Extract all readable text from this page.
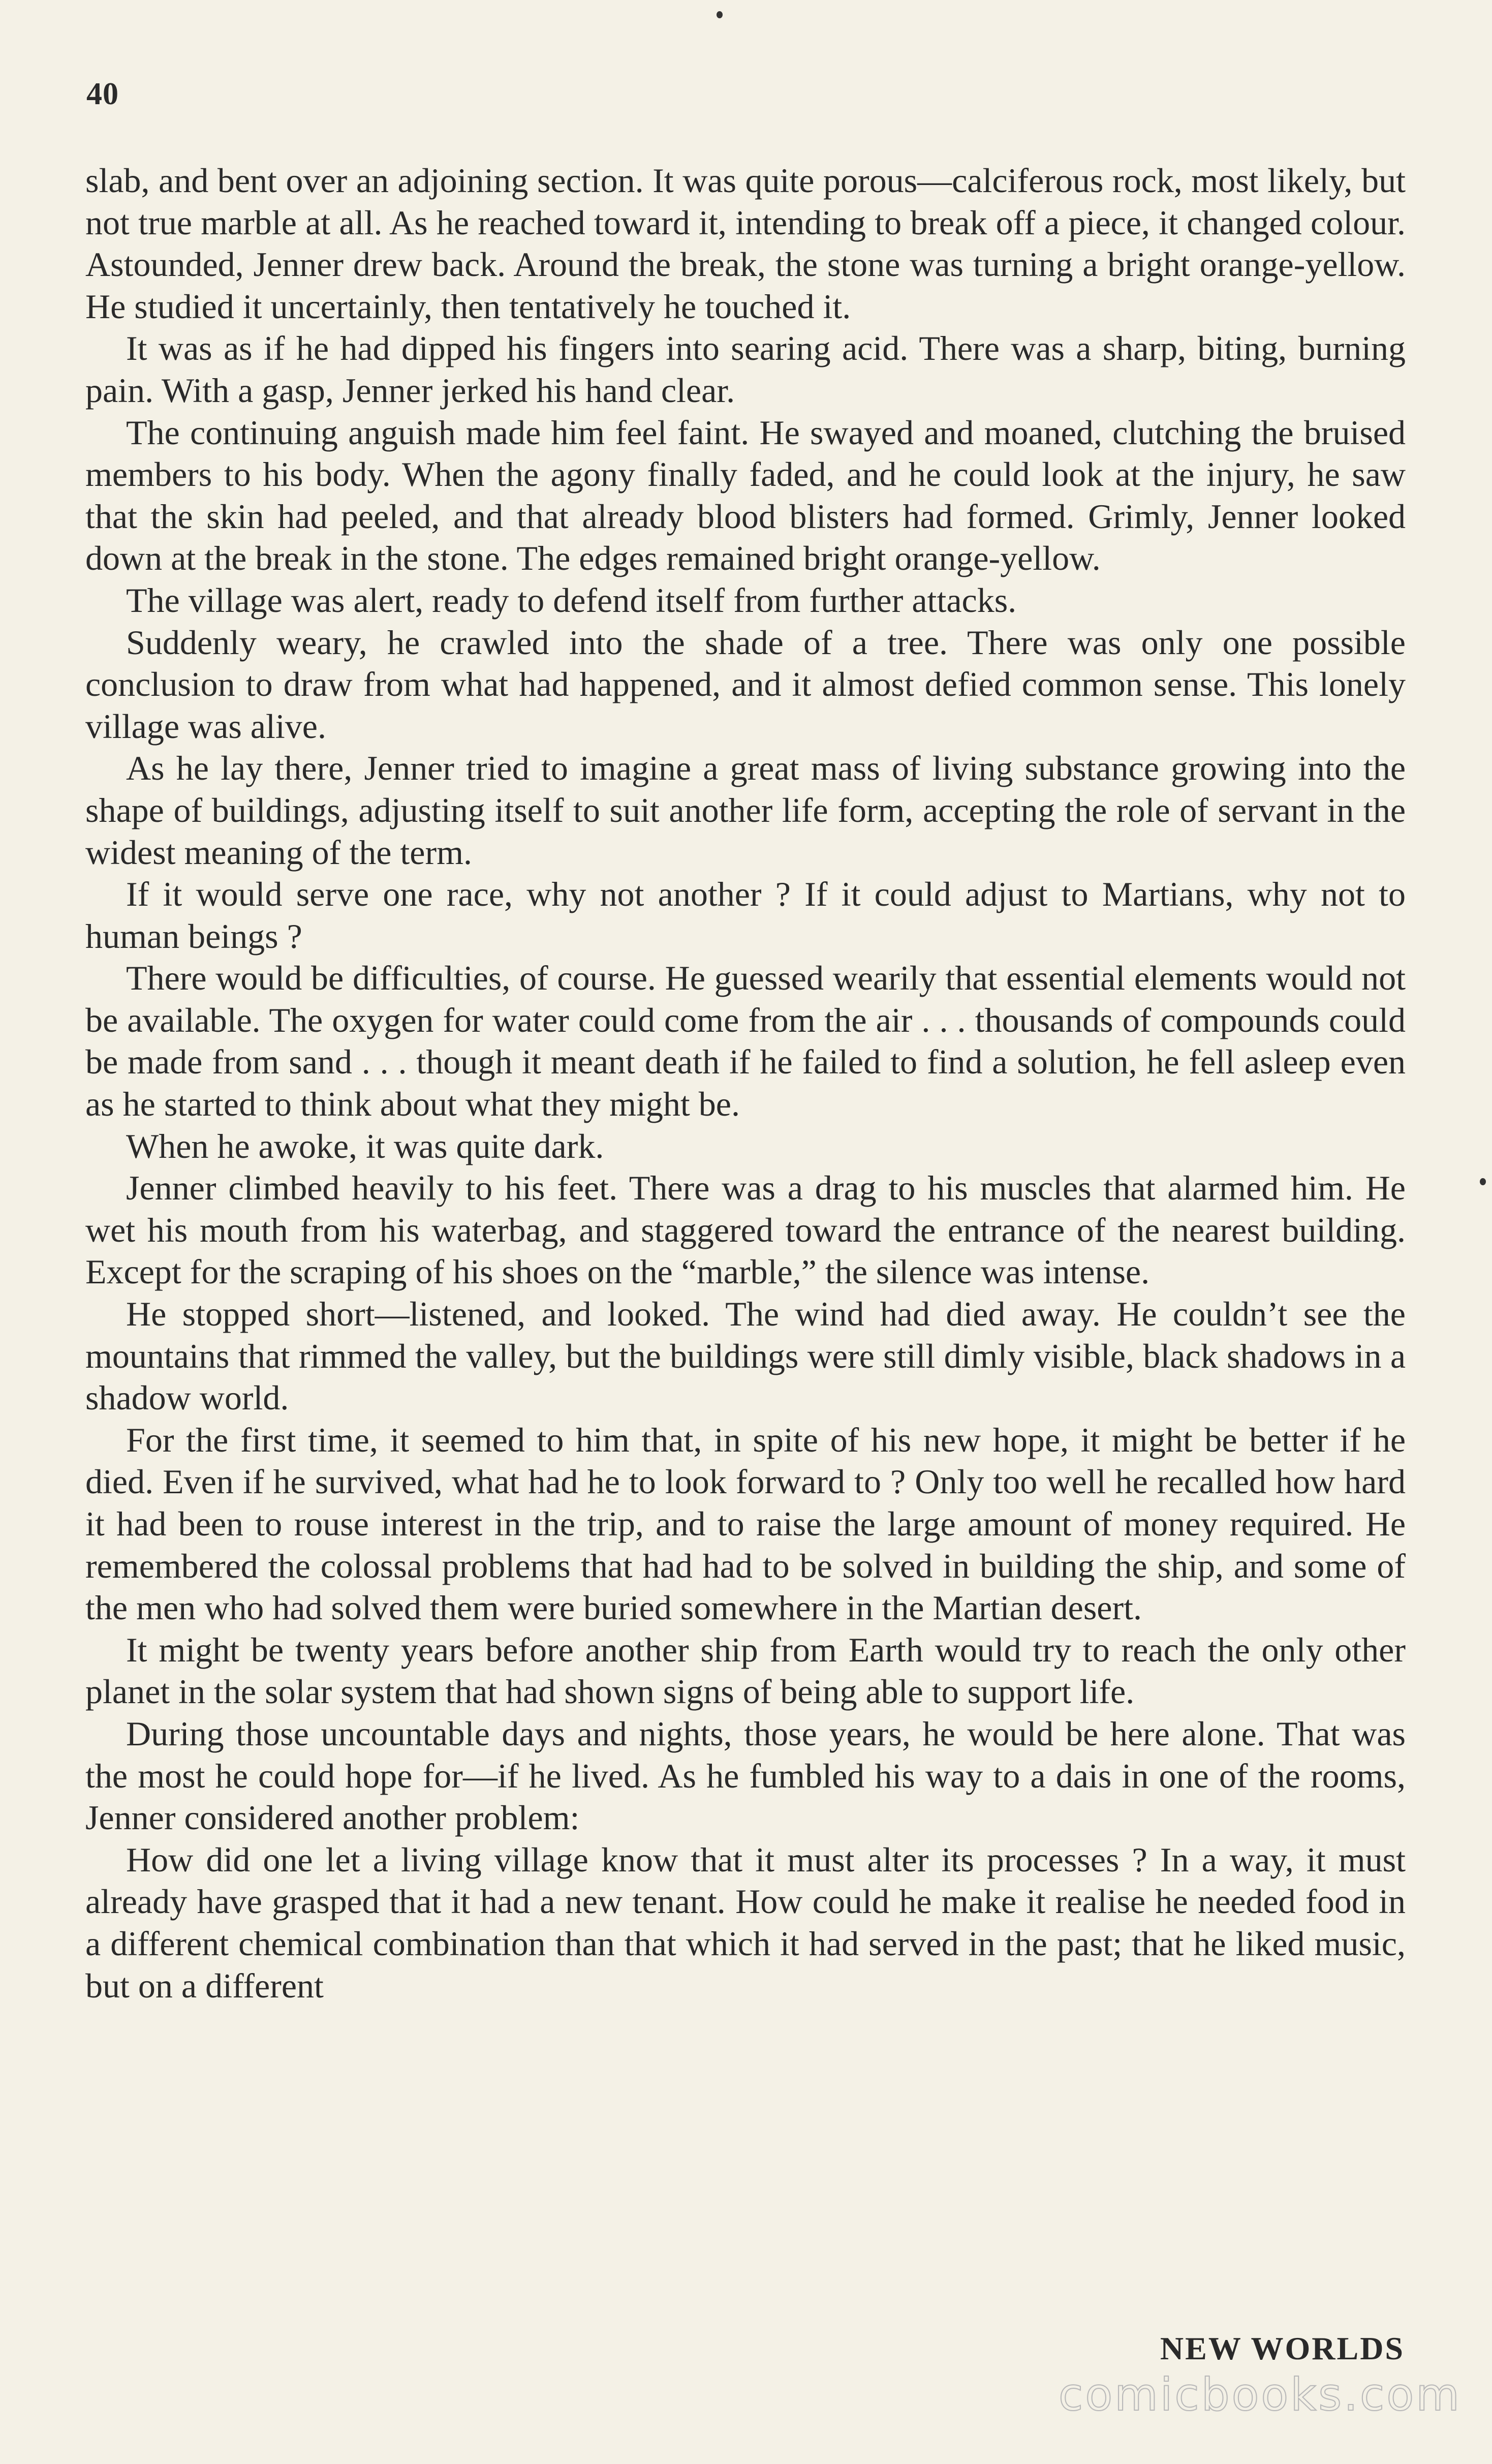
40

slab, and bent over an adjoining section. It was quite porous—calciferous rock, most likely, but not true marble at all. As he reached toward it, intending to break off a piece, it changed colour. Astounded, Jenner drew back. Around the break, the stone was turning a bright orange-yellow. He studied it uncertainly, then tentatively he touched it.

It was as if he had dipped his fingers into searing acid. There was a sharp, biting, burning pain. With a gasp, Jenner jerked his hand clear.

The continuing anguish made him feel faint. He swayed and moaned, clutching the bruised members to his body. When the agony finally faded, and he could look at the injury, he saw that the skin had peeled, and that already blood blisters had formed. Grimly, Jenner looked down at the break in the stone. The edges remained bright orange-yellow.

The village was alert, ready to defend itself from further attacks.

Suddenly weary, he crawled into the shade of a tree. There was only one possible conclusion to draw from what had happened, and it almost defied common sense. This lonely village was alive.

As he lay there, Jenner tried to imagine a great mass of living substance growing into the shape of buildings, adjusting itself to suit another life form, accepting the role of servant in the widest meaning of the term.

If it would serve one race, why not another ? If it could adjust to Martians, why not to human beings ?

There would be difficulties, of course. He guessed wearily that essential elements would not be available. The oxygen for water could come from the air . . . thousands of compounds could be made from sand . . . though it meant death if he failed to find a solution, he fell asleep even as he started to think about what they might be.

When he awoke, it was quite dark.

Jenner climbed heavily to his feet. There was a drag to his muscles that alarmed him. He wet his mouth from his waterbag, and staggered toward the entrance of the nearest building. Except for the scraping of his shoes on the “marble,” the silence was intense.

He stopped short—listened, and looked. The wind had died away. He couldn’t see the mountains that rimmed the valley, but the buildings were still dimly visible, black shadows in a shadow world.

For the first time, it seemed to him that, in spite of his new hope, it might be better if he died. Even if he survived, what had he to look forward to ? Only too well he recalled how hard it had been to rouse interest in the trip, and to raise the large amount of money required. He remembered the colossal problems that had had to be solved in building the ship, and some of the men who had solved them were buried somewhere in the Martian desert.

It might be twenty years before another ship from Earth would try to reach the only other planet in the solar system that had shown signs of being able to support life.

During those uncountable days and nights, those years, he would be here alone. That was the most he could hope for—if he lived. As he fumbled his way to a dais in one of the rooms, Jenner considered another problem:

How did one let a living village know that it must alter its processes ? In a way, it must already have grasped that it had a new tenant. How could he make it realise he needed food in a different chemical combination than that which it had served in the past; that he liked music, but on a different

NEW WORLDS
comicbooks.com
